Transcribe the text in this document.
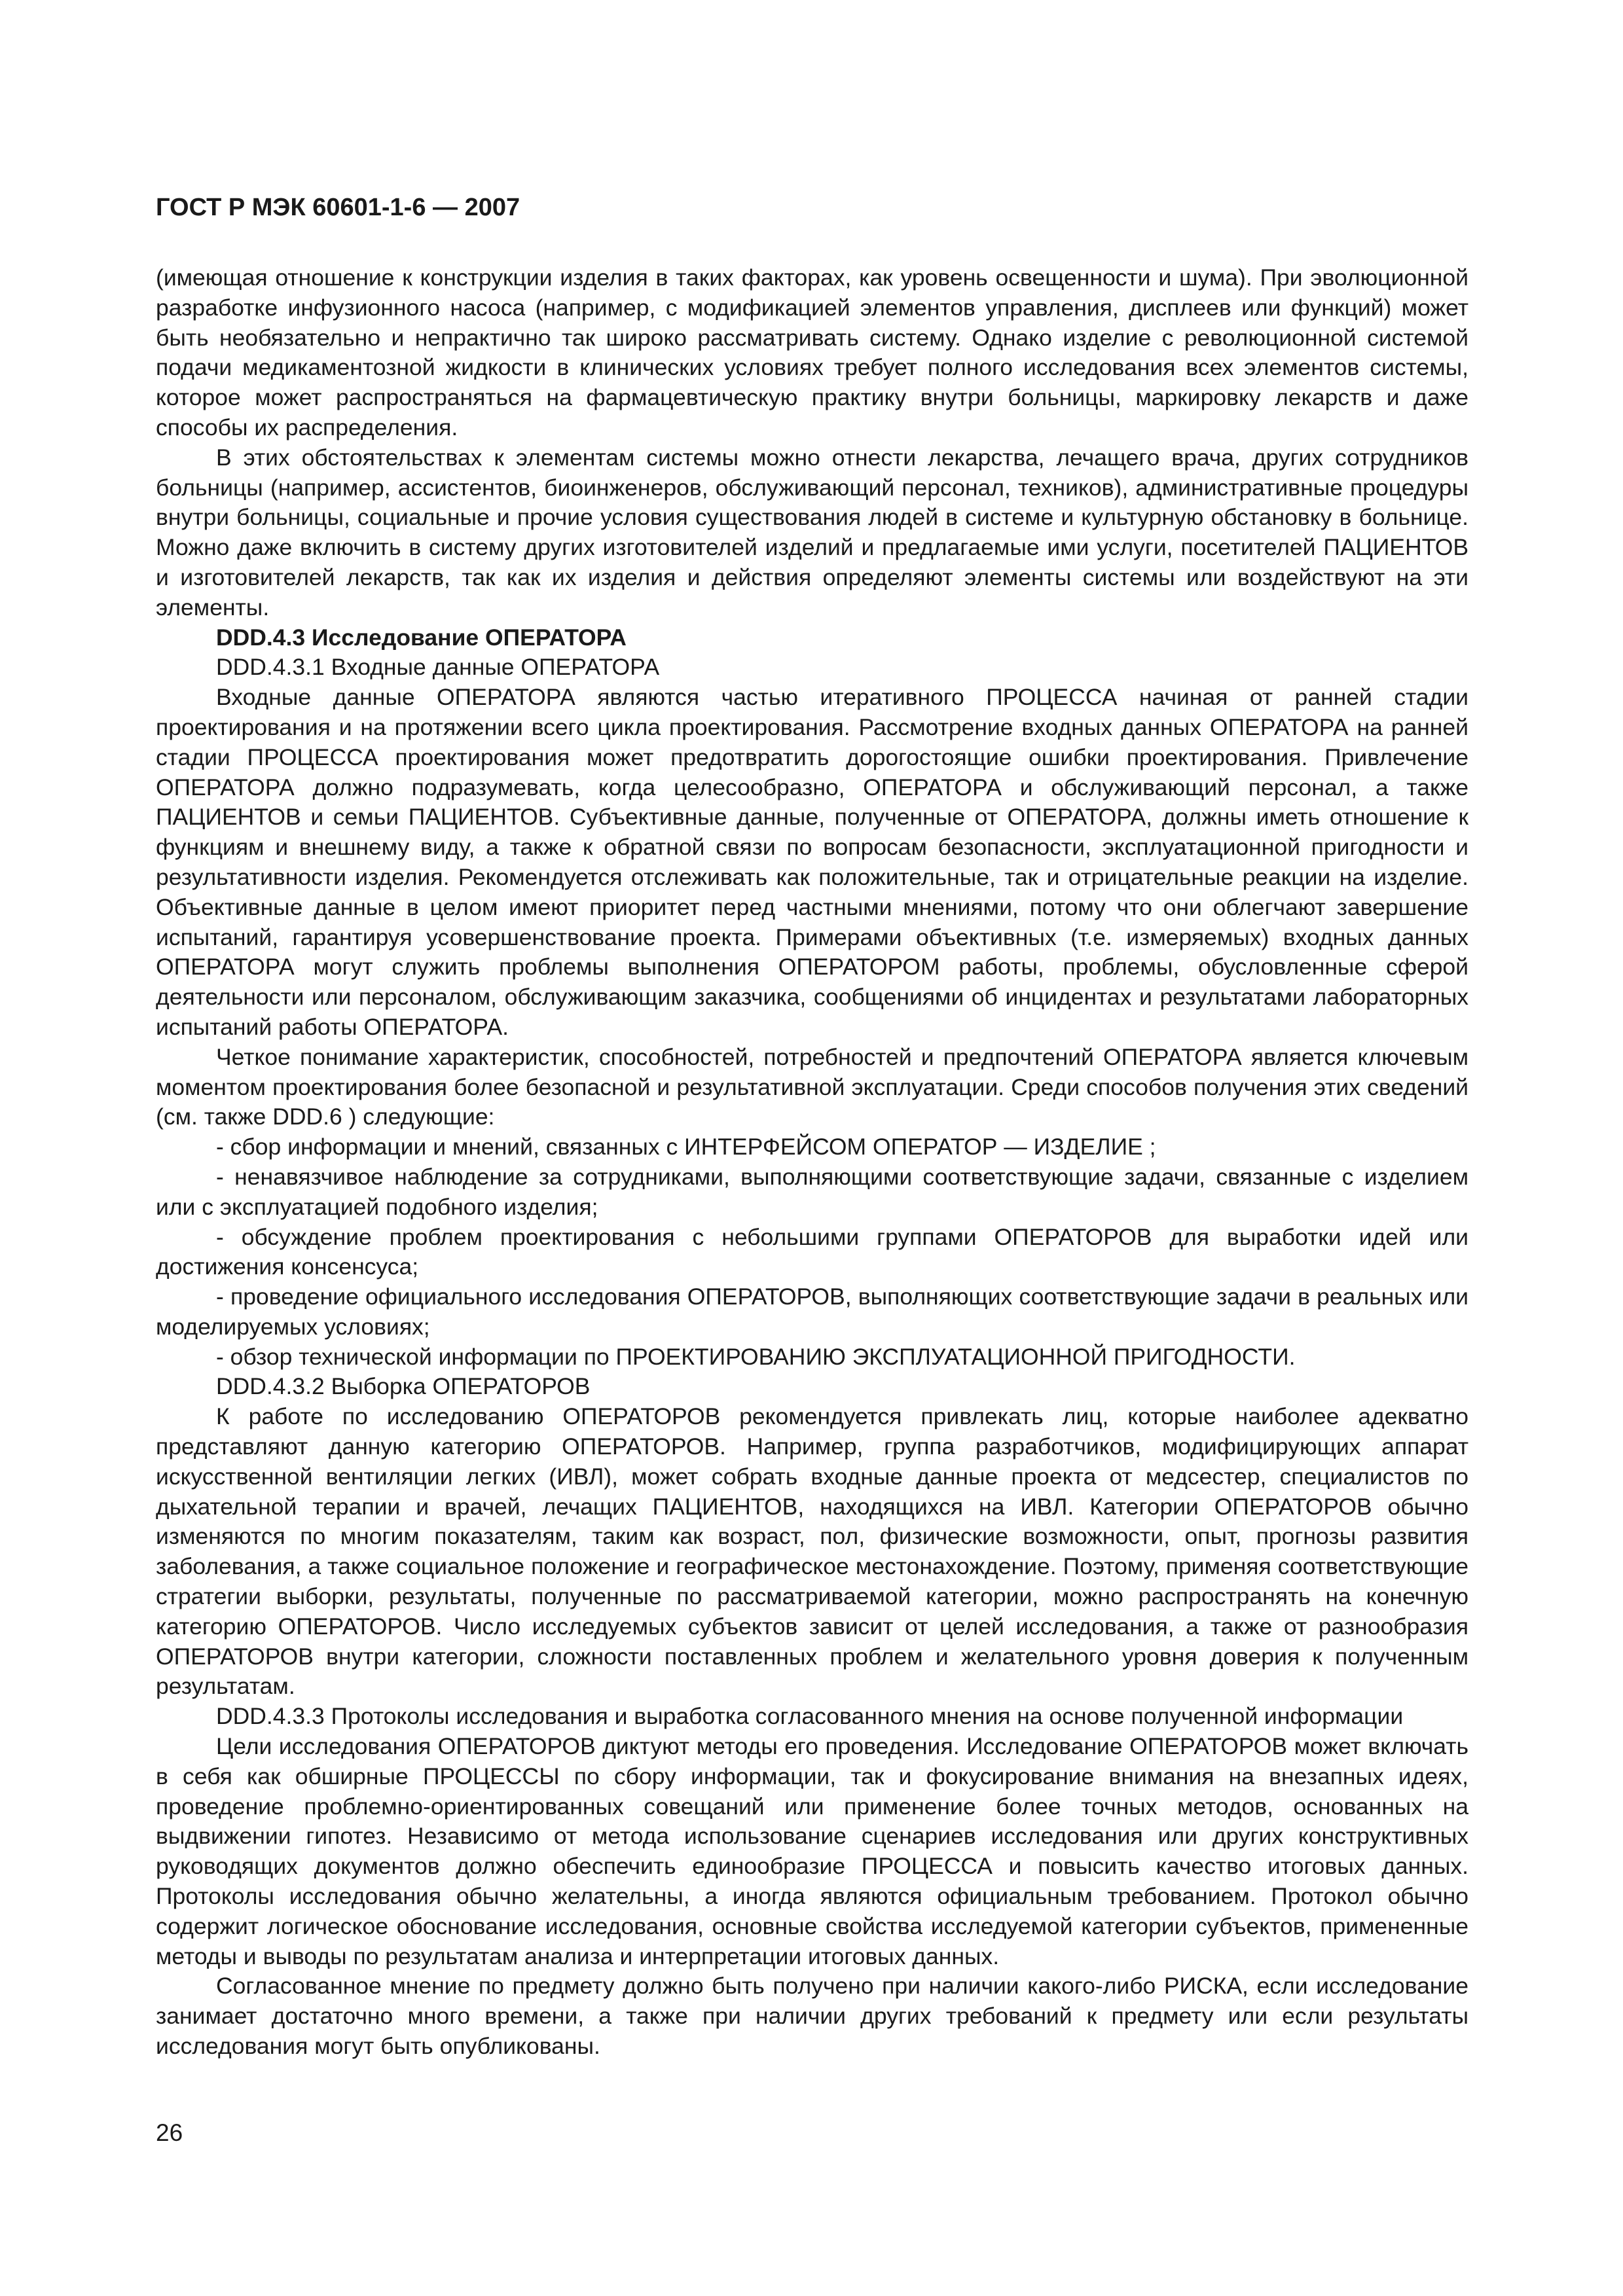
ГОСТ Р МЭК 60601-1-6 — 2007

(имеющая отношение к конструкции изделия в таких факторах, как уровень освещенности и шума). При эволюционной разработке инфузионного насоса (например, с модификацией элементов управления, дисплеев или функций) может быть необязательно и непрактично так широко рассматривать систему. Однако изделие с революционной системой подачи медикаментозной жидкости в клинических условиях требует полного исследования всех элементов системы, которое может распространяться на фармацевтическую практику внутри больницы, маркировку лекарств и даже способы их распределения.

В этих обстоятельствах к элементам системы можно отнести лекарства, лечащего врача, других сотрудников больницы (например, ассистентов, биоинженеров, обслуживающий персонал, техников), административные процедуры внутри больницы, социальные и прочие условия существования людей в системе и культурную обстановку в больнице. Можно даже включить в систему других изготовителей изделий и предлагаемые ими услуги, посетителей ПАЦИЕНТОВ и изготовителей лекарств, так как их изделия и действия определяют элементы системы или воздействуют на эти элементы.

DDD.4.3 Исследование ОПЕРАТОРА

DDD.4.3.1 Входные данные ОПЕРАТОРА

Входные данные ОПЕРАТОРА являются частью итеративного ПРОЦЕССА начиная от ранней стадии проектирования и на протяжении всего цикла проектирования. Рассмотрение входных данных ОПЕРАТОРА на ранней стадии ПРОЦЕССА проектирования может предотвратить дорогостоящие ошибки проектирования. Привлечение ОПЕРАТОРА должно подразумевать, когда целесообразно, ОПЕРАТОРА и обслуживающий персонал, а также ПАЦИЕНТОВ и семьи ПАЦИЕНТОВ. Субъективные данные, полученные от ОПЕРАТОРА, должны иметь отношение к функциям и внешнему виду, а также к обратной связи по вопросам безопасности, эксплуатационной пригодности и результативности изделия. Рекомендуется отслеживать как положительные, так и отрицательные реакции на изделие. Объективные данные в целом имеют приоритет перед частными мнениями, потому что они облегчают завершение испытаний, гарантируя усовершенствование проекта. Примерами объективных (т.е. измеряемых) входных данных ОПЕРАТОРА могут служить проблемы выполнения ОПЕРАТОРОМ работы, проблемы, обусловленные сферой деятельности или персоналом, обслуживающим заказчика, сообщениями об инцидентах и результатами лабораторных испытаний работы ОПЕРАТОРА.

Четкое понимание характеристик, способностей, потребностей и предпочтений ОПЕРАТОРА является ключевым моментом проектирования более безопасной и результативной эксплуатации. Среди способов получения этих сведений (см. также DDD.6 ) следующие:

- сбор информации и мнений, связанных с ИНТЕРФЕЙСОМ ОПЕРАТОР — ИЗДЕЛИЕ ;

- ненавязчивое наблюдение за сотрудниками, выполняющими соответствующие задачи, связанные с изделием или с эксплуатацией подобного изделия;

- обсуждение проблем проектирования с небольшими группами ОПЕРАТОРОВ для выработки идей или достижения консенсуса;

- проведение официального исследования ОПЕРАТОРОВ, выполняющих соответствующие задачи в реальных или моделируемых условиях;

- обзор технической информации по ПРОЕКТИРОВАНИЮ ЭКСПЛУАТАЦИОННОЙ ПРИГОДНОСТИ.

DDD.4.3.2 Выборка ОПЕРАТОРОВ

К работе по исследованию ОПЕРАТОРОВ рекомендуется привлекать лиц, которые наиболее адекватно представляют данную категорию ОПЕРАТОРОВ. Например, группа разработчиков, модифицирующих аппарат искусственной вентиляции легких (ИВЛ), может собрать входные данные проекта от медсестер, специалистов по дыхательной терапии и врачей, лечащих ПАЦИЕНТОВ, находящихся на ИВЛ. Категории ОПЕРАТОРОВ обычно изменяются по многим показателям, таким как возраст, пол, физические возможности, опыт, прогнозы развития заболевания, а также социальное положение и географическое местонахождение. Поэтому, применяя соответствующие стратегии выборки, результаты, полученные по рассматриваемой категории, можно распространять на конечную категорию ОПЕРАТОРОВ. Число исследуемых субъектов зависит от целей исследования, а также от разнообразия ОПЕРАТОРОВ внутри категории, сложности поставленных проблем и желательного уровня доверия к полученным результатам.

DDD.4.3.3 Протоколы исследования и выработка согласованного мнения на основе полученной информации

Цели исследования ОПЕРАТОРОВ диктуют методы его проведения. Исследование ОПЕРАТОРОВ может включать в себя как обширные ПРОЦЕССЫ по сбору информации, так и фокусирование внимания на внезапных идеях, проведение проблемно-ориентированных совещаний или применение более точных методов, основанных на выдвижении гипотез. Независимо от метода использование сценариев исследования или других конструктивных руководящих документов должно обеспечить единообразие ПРОЦЕССА и повысить качество итоговых данных. Протоколы исследования обычно желательны, а иногда являются официальным требованием. Протокол обычно содержит логическое обоснование исследования, основные свойства исследуемой категории субъектов, примененные методы и выводы по результатам анализа и интерпретации итоговых данных.

Согласованное мнение по предмету должно быть получено при наличии какого-либо РИСКА, если исследование занимает достаточно много времени, а также при наличии других требований к предмету или если результаты исследования могут быть опубликованы.

26
